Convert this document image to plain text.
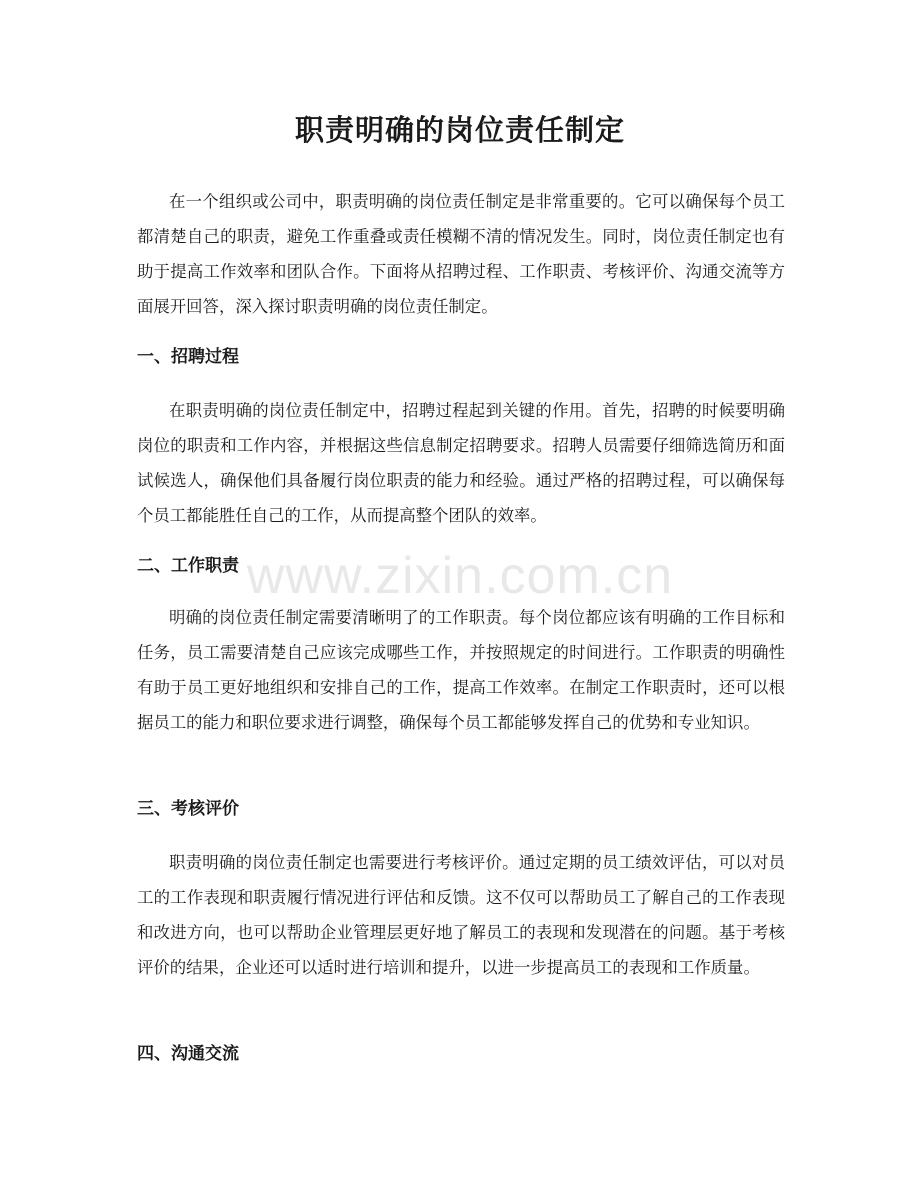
职责明确的岗位责任制定

在一个组织或公司中，职责明确的岗位责任制定是非常重要的。它可以确保每个员工都清楚自己的职责，避免工作重叠或责任模糊不清的情况发生。同时，岗位责任制定也有助于提高工作效率和团队合作。下面将从招聘过程、工作职责、考核评价、沟通交流等方面展开回答，深入探讨职责明确的岗位责任制定。

一、招聘过程

在职责明确的岗位责任制定中，招聘过程起到关键的作用。首先，招聘的时候要明确岗位的职责和工作内容，并根据这些信息制定招聘要求。招聘人员需要仔细筛选简历和面试候选人，确保他们具备履行岗位职责的能力和经验。通过严格的招聘过程，可以确保每个员工都能胜任自己的工作，从而提高整个团队的效率。

二、工作职责

明确的岗位责任制定需要清晰明了的工作职责。每个岗位都应该有明确的工作目标和任务，员工需要清楚自己应该完成哪些工作，并按照规定的时间进行。工作职责的明确性有助于员工更好地组织和安排自己的工作，提高工作效率。在制定工作职责时，还可以根据员工的能力和职位要求进行调整，确保每个员工都能够发挥自己的优势和专业知识。

三、考核评价

职责明确的岗位责任制定也需要进行考核评价。通过定期的员工绩效评估，可以对员工的工作表现和职责履行情况进行评估和反馈。这不仅可以帮助员工了解自己的工作表现和改进方向，也可以帮助企业管理层更好地了解员工的表现和发现潜在的问题。基于考核评价的结果，企业还可以适时进行培训和提升，以进一步提高员工的表现和工作质量。

四、沟通交流
www.zixin.com.cn
